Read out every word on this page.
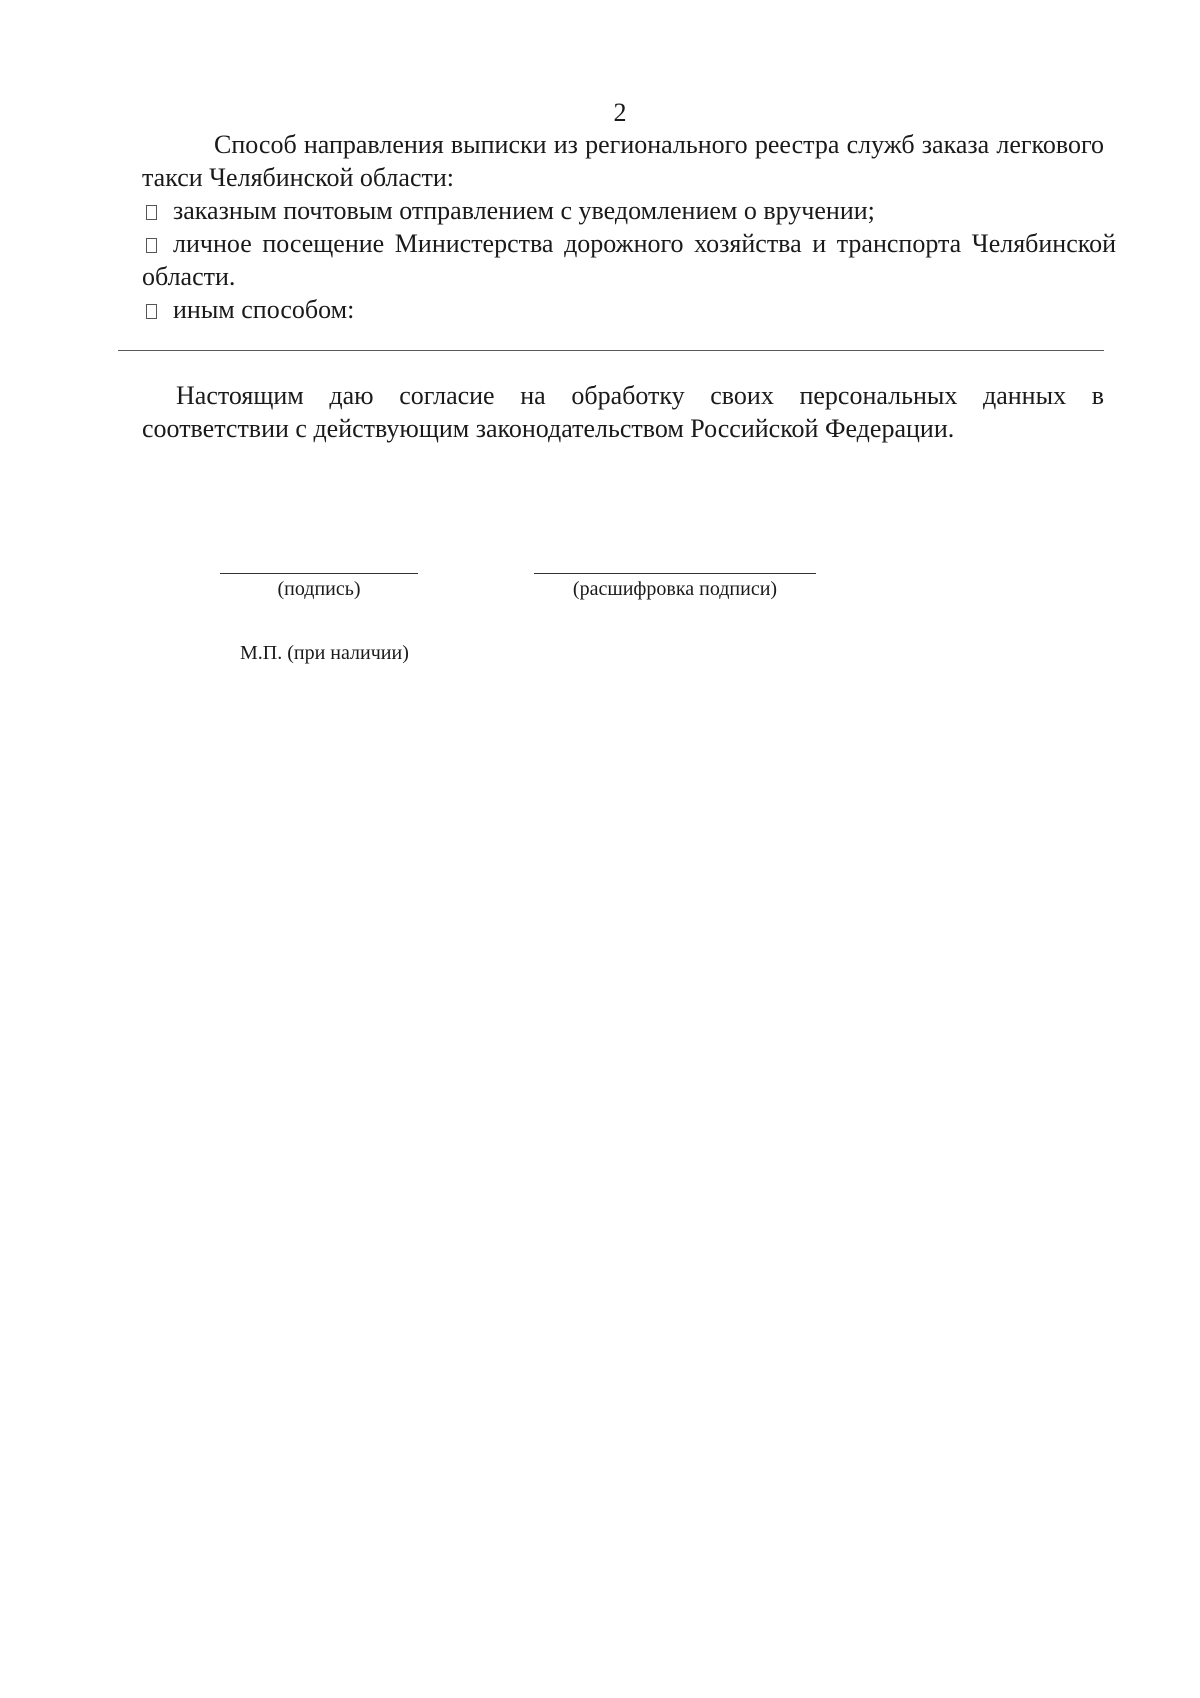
2

Способ направления выписки из регионального реестра служб заказа легкового такси Челябинской области:

заказным почтовым отправлением с уведомлением о вручении;
личное посещение Министерства дорожного хозяйства и транспорта Челябинской области.
иным способом:

Настоящим даю согласие на обработку своих персональных данных в соответствии с действующим законодательством Российской Федерации.

(подпись)	(расшифровка подписи)
М.П. (при наличии)
